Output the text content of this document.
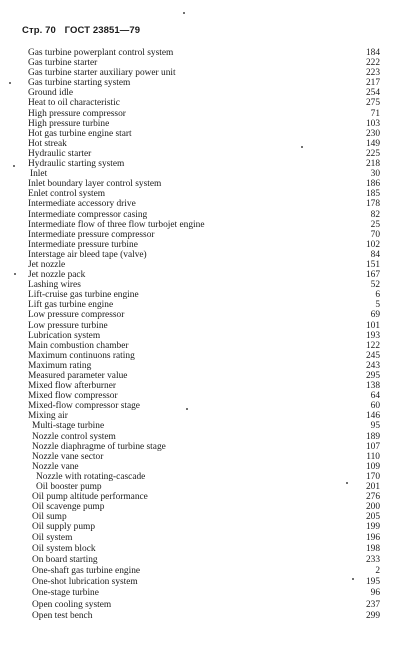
Стр. 70 ГОСТ 23851—79
Gas turbine powerplant control system	184
Gas turbine starter	222
Gas turbine starter auxiliary power unit	223
Gas turbine starting system	217
Ground idle	254
Heat to oil characteristic	275
High pressure compressor	71
High pressure turbine	103
Hot gas turbine engine start	230
Hot streak	149
Hydraulic starter	225
Hydraulic starting system	218
Inlet	30
Inlet boundary layer control system	186
Enlet control system	185
Intermediate accessory drive	178
Intermediate compressor casing	82
Intermediate flow of three flow turbojet engine	25
Intermediate pressure compressor	70
Intermediate pressure turbine	102
Interstage air bleed tape (valve)	84
Jet nozzle	151
Jet nozzle pack	167
Lashing wires	52
Lift-cruise gas turbine engine	6
Lift gas turbine engine	5
Low pressure compressor	69
Low pressure turbine	101
Lubrication system	193
Main combustion chamber	122
Maximum continuons rating	245
Maximum rating	243
Measured parameter value	295
Mixed flow afterburner	138
Mixed flow compressor	64
Mixed-flow compressor stage	60
Mixing air	146
Multi-stage turbine	95
Nozzle control system	189
Nozzle diaphragme of turbine stage	107
Nozzle vane sector	110
Nozzle vane	109
Nozzle with rotating-cascade	170
Oil booster pump	201
Oil pump altitude performance	276
Oil scavenge pump	200
Oil sump	205
Oil supply pump	199
Oil system	196
Oil system block	198
On board starting	233
One-shaft gas turbine engine	2
One-shot lubrication system	195
One-stage turbine	96
Open cooling system	237
Open test bench	299
